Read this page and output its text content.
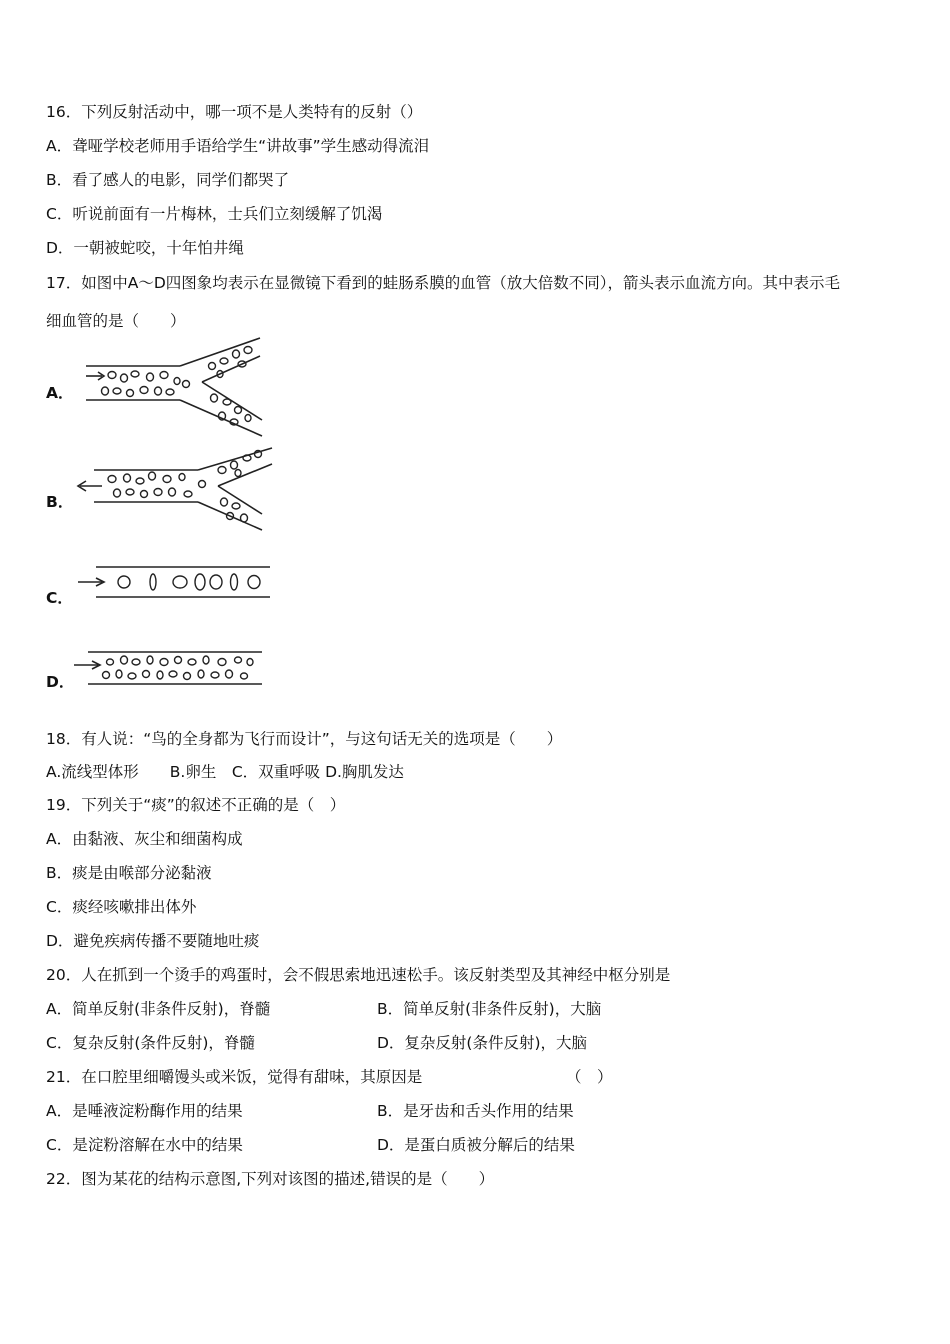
16．下列反射活动中，哪一项不是人类特有的反射（）
A．聋哑学校老师用手语给学生“讲故事”学生感动得流泪
B．看了感人的电影，同学们都哭了
C．听说前面有一片梅林，士兵们立刻缓解了饥渴
D．一朝被蛇咬，十年怕井绳
17．如图中A～D四图象均表示在显微镜下看到的蛙肠系膜的血管（放大倍数不同），箭头表示血流方向。其中表示毛
细血管的是（　　）
A．
B．
C．
D．
18．有人说：“鸟的全身都为飞行而设计”，与这句话无关的选项是（　　）
A.流线型体形　　B.卵生　C．双重呼吸 D.胸肌发达
19．下列关于“痰”的叙述不正确的是（　）
A．由黏液、灰尘和细菌构成
B．痰是由喉部分泌黏液
C．痰经咳嗽排出体外
D．避免疾病传播不要随地吐痰
20．人在抓到一个烫手的鸡蛋时，会不假思索地迅速松手。该反射类型及其神经中枢分别是
A．简单反射(非条件反射)，脊髓	B．简单反射(非条件反射)，大脑
C．复杂反射(条件反射)，脊髓	D．复杂反射(条件反射)，大脑
21．在口腔里细嚼馒头或米饭，觉得有甜味，其原因是	（　）
A．是唾液淀粉酶作用的结果	B．是牙齿和舌头作用的结果
C．是淀粉溶解在水中的结果	D．是蛋白质被分解后的结果
22．图为某花的结构示意图,下列对该图的描述,错误的是（　　）
